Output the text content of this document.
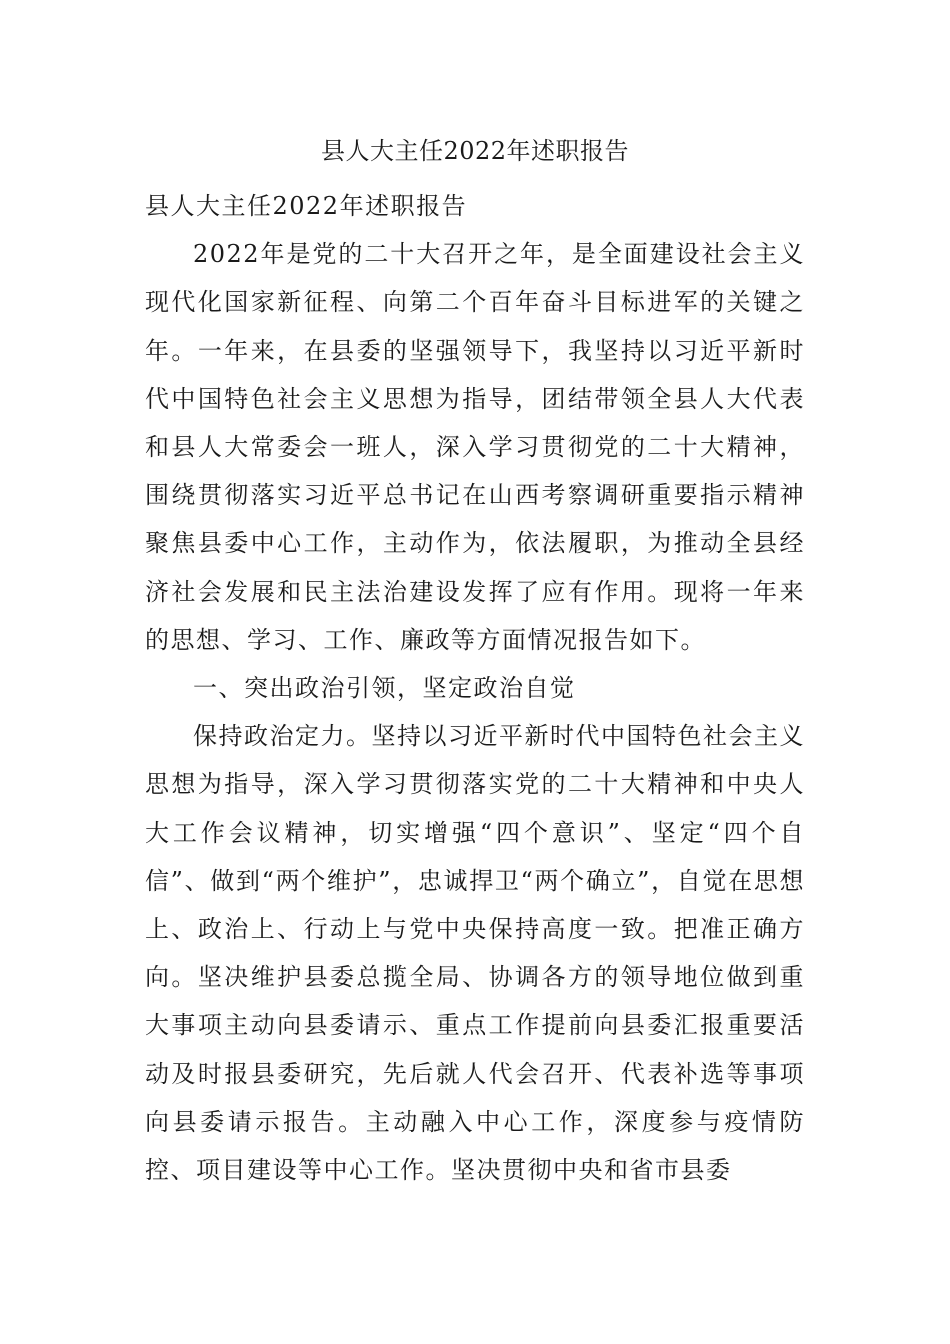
县人大主任2022年述职报告

县人大主任2022年述职报告

2022年是党的二十大召开之年，是全面建设社会主义现代化国家新征程、向第二个百年奋斗目标进军的关键之年。一年来，在县委的坚强领导下，我坚持以习近平新时代中国特色社会主义思想为指导，团结带领全县人大代表和县人大常委会一班人，深入学习贯彻党的二十大精神，围绕贯彻落实习近平总书记在山西考察调研重要指示精神聚焦县委中心工作，主动作为，依法履职，为推动全县经济社会发展和民主法治建设发挥了应有作用。现将一年来的思想、学习、工作、廉政等方面情况报告如下。

一、突出政治引领，坚定政治自觉

保持政治定力。坚持以习近平新时代中国特色社会主义思想为指导，深入学习贯彻落实党的二十大精神和中央人大工作会议精神，切实增强“四个意识”、坚定“四个自信”、做到“两个维护”，忠诚捍卫“两个确立”，自觉在思想上、政治上、行动上与党中央保持高度一致。把准正确方向。坚决维护县委总揽全局、协调各方的领导地位做到重大事项主动向县委请示、重点工作提前向县委汇报重要活动及时报县委研究，先后就人代会召开、代表补选等事项向县委请示报告。主动融入中心工作，深度参与疫情防控、项目建设等中心工作。坚决贯彻中央和省市县委
